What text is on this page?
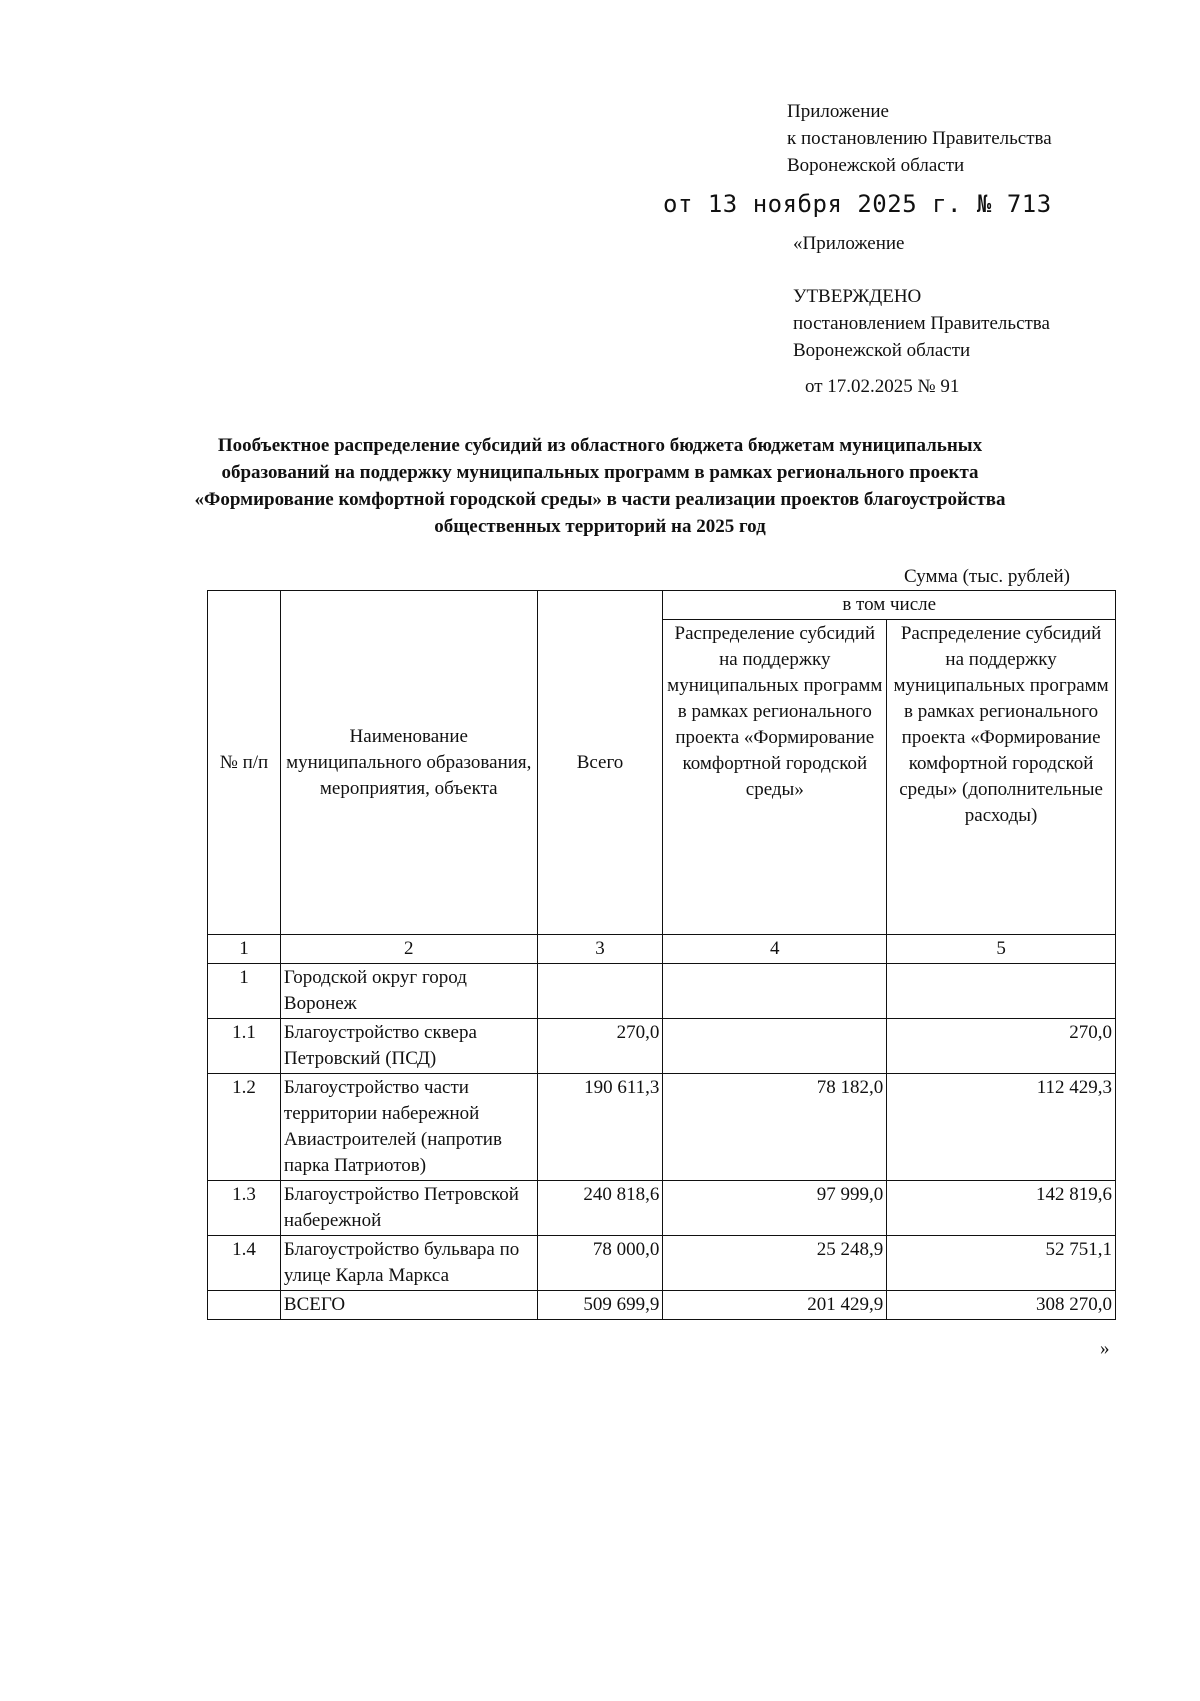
Приложение
к постановлению Правительства
Воронежской области
от 13 ноября 2025 г. № 713
«Приложение
УТВЕРЖДЕНО
постановлением Правительства
Воронежской области
от 17.02.2025 № 91
Пообъектное распределение субсидий из областного бюджета бюджетам муниципальных
образований на поддержку муниципальных программ в рамках регионального проекта
«Формирование комфортной городской среды» в части реализации проектов благоустройства
общественных территорий на 2025 год
Сумма (тыс. рублей)
№ п/п	Наименование муниципального образования, мероприятия, объекта	Всего	в том числе	
			Распределение субсидий на поддержку муниципальных программ в рамках регионального проекта «Формирование комфортной городской среды»	Распределение субсидий на поддержку муниципальных программ в рамках регионального проекта «Формирование комфортной городской среды» (дополнительные расходы)
1	2	3	4	5
1	Городской округ город Воронеж			
1.1	Благоустройство сквера Петровский (ПСД)	270,0		270,0
1.2	Благоустройство части территории набережной Авиастроителей (напротив парка Патриотов)	190 611,3	78 182,0	112 429,3
1.3	Благоустройство Петровской набережной	240 818,6	97 999,0	142 819,6
1.4	Благоустройство бульвара по улице Карла Маркса	78 000,0	25 248,9	52 751,1
	ВСЕГО	509 699,9	201 429,9	308 270,0
»
